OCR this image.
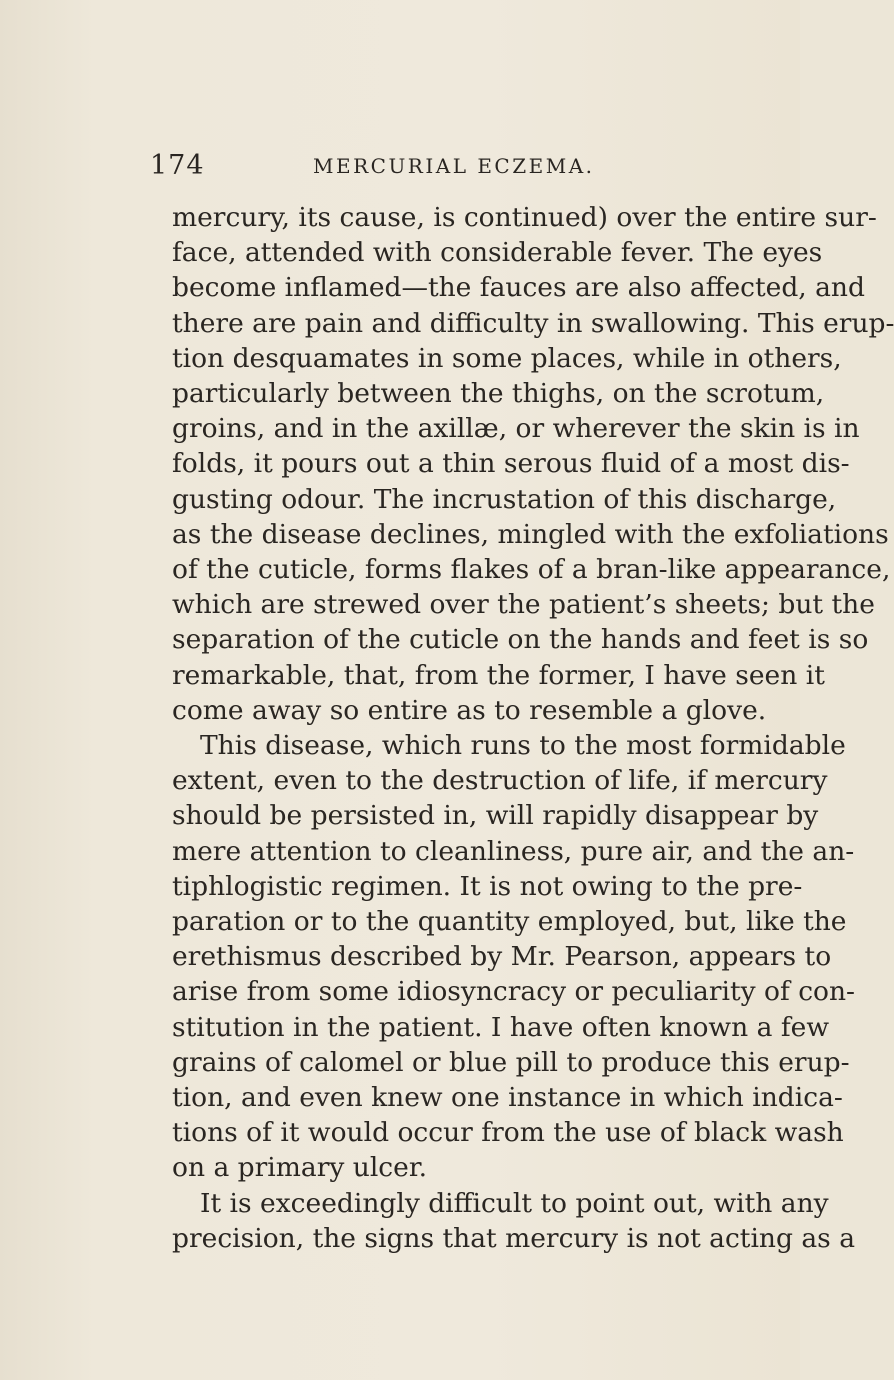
174	MERCURIAL ECZEMA.
mercury, its cause, is continued) over the entire sur-
face, attended with considerable fever. The eyes
become inflamed—the fauces are also affected, and
there are pain and difficulty in swallowing. This erup-
tion desquamates in some places, while in others,
particularly between the thighs, on the scrotum,
groins, and in the axillæ, or wherever the skin is in
folds, it pours out a thin serous fluid of a most dis-
gusting odour. The incrustation of this discharge,
as the disease declines, mingled with the exfoliations
of the cuticle, forms flakes of a bran-like appearance,
which are strewed over the patient’s sheets; but the
separation of the cuticle on the hands and feet is so
remarkable, that, from the former, I have seen it
come away so entire as to resemble a glove.
This disease, which runs to the most formidable
extent, even to the destruction of life, if mercury
should be persisted in, will rapidly disappear by
mere attention to cleanliness, pure air, and the an-
tiphlogistic regimen. It is not owing to the pre-
paration or to the quantity employed, but, like the
erethismus described by Mr. Pearson, appears to
arise from some idiosyncracy or peculiarity of con-
stitution in the patient. I have often known a few
grains of calomel or blue pill to produce this erup-
tion, and even knew one instance in which indica-
tions of it would occur from the use of black wash
on a primary ulcer.
It is exceedingly difficult to point out, with any
precision, the signs that mercury is not acting as a
